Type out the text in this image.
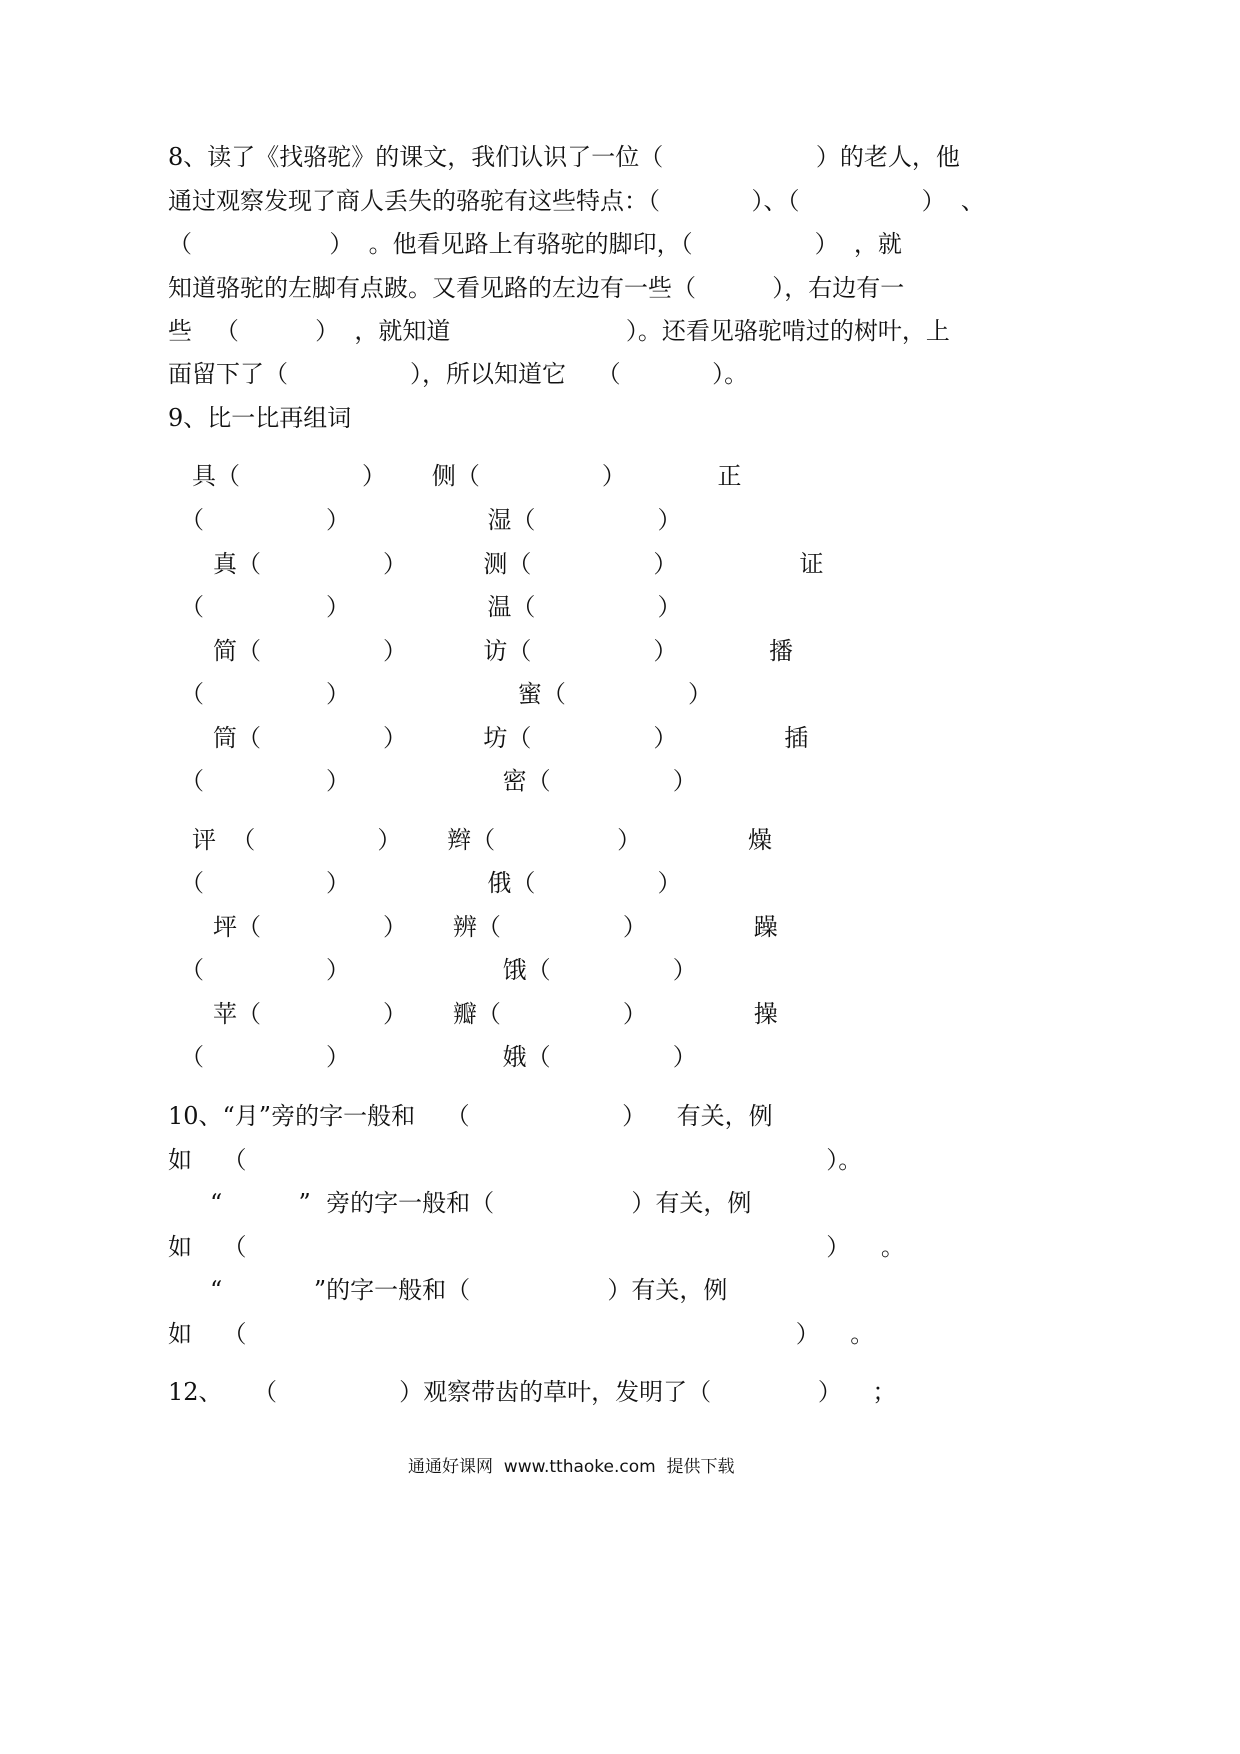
8、读了《找骆驼》的课文，我们认识了一位（                    ）的老人，他
通过观察发现了商人丢失的骆驼有这些特点：（            ）、（                ）  、
（                  ）  。他看见路上有骆驼的脚印，（                ）  ，就
知道骆驼的左脚有点跛。又看见路的左边有一些（          ），右边有一
些   （          ）  ，就知道                       ）。还看见骆驼啃过的树叶，上
面留下了（                ），所以知道它    （            ）。
9、比一比再组词
具（                ）      侧（                ）            正
（                ）                  湿（                ）
真（                ）          测（                ）                证
（                ）                  温（                ）
简（                ）          访（                ）            播
（                ）                      蜜（                ）
筒（                ）          坊（                ）              插
（                ）                    密（                ）
评  （                ）      辫（                ）              燥
（                ）                  俄（                ）
坪（                ）      辨（                ）              躁
（                ）                    饿（                ）
苹（                ）      瓣（                ）              操
（                ）                    娥（                ）
10、“月”旁的字一般和    （                    ）    有关，例
如    （                                                                            ）。
“          ”  旁的字一般和（                  ）有关，例
如    （                                                                            ）    。
“            ”的字一般和（                  ）有关，例
如    （                                                                        ）    。
12、    （                ）观察带齿的草叶，发明了（              ）    ；
通通好课网  www.tthaoke.com  提供下载
